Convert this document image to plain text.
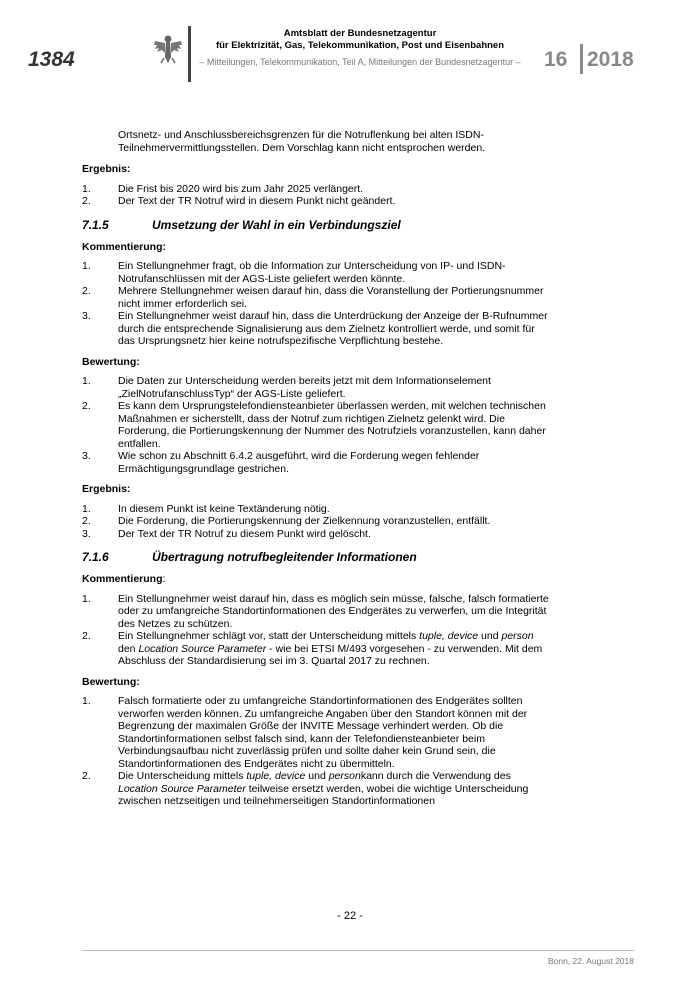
1384
Amtsblatt der Bundesnetzagentur
für Elektrizität, Gas, Telekommunikation, Post und Eisenbahnen
– Mitteilungen, Telekommunikation, Teil A, Mitteilungen der Bundesnetzagentur – 16 2018
Ortsnetz- und Anschlussbereichsgrenzen für die Notruflenkung bei alten ISDN-Teilnehmervermittlungsstellen. Dem Vorschlag kann nicht entsprochen werden.
Ergebnis:
1.	Die Frist bis 2020 wird bis zum Jahr 2025 verlängert.
2.	Der Text der TR Notruf wird in diesem Punkt nicht geändert.
7.1.5	Umsetzung der Wahl in ein Verbindungsziel
Kommentierung:
1.	Ein Stellungnehmer fragt, ob die Information zur Unterscheidung von IP- und ISDN-Notrufanschlüssen mit der AGS-Liste geliefert werden könnte.
2.	Mehrere Stellungnehmer weisen darauf hin, dass die Voranstellung der Portierungsnummer nicht immer erforderlich sei.
3.	Ein Stellungnehmer weist darauf hin, dass die Unterdrückung der Anzeige der B-Rufnummer durch die entsprechende Signalisierung aus dem Zielnetz kontrolliert werde, und somit für das Ursprungsnetz hier keine notrufspezifische Verpflichtung bestehe.
Bewertung:
1.	Die Daten zur Unterscheidung werden bereits jetzt mit dem Informationselement „ZielNotrufanschlussTyp“ der AGS-Liste geliefert.
2.	Es kann dem Ursprungstelefondiensteanbieter überlassen werden, mit welchen technischen Maßnahmen er sicherstellt, dass der Notruf zum richtigen Zielnetz gelenkt wird. Die Forderung, die Portierungskennung der Nummer des Notrufziels voranzustellen, kann daher entfallen.
3.	Wie schon zu Abschnitt 6.4.2 ausgeführt, wird die Forderung wegen fehlender Ermächtigungsgrundlage gestrichen.
Ergebnis:
1.	In diesem Punkt ist keine Textänderung nötig.
2.	Die Forderung, die Portierungskennung der Zielkennung voranzustellen, entfällt.
3.	Der Text der TR Notruf zu diesem Punkt wird gelöscht.
7.1.6	Übertragung notrufbegleitender Informationen
Kommentierung:
1.	Ein Stellungnehmer weist darauf hin, dass es möglich sein müsse, falsche, falsch formatierte oder zu umfangreiche Standortinformationen des Endgerätes zu verwerfen, um die Integrität des Netzes zu schützen.
2.	Ein Stellungnehmer schlägt vor, statt der Unterscheidung mittels tuple, device und person den Location Source Parameter - wie bei ETSI M/493 vorgesehen - zu verwenden. Mit dem Abschluss der Standardisierung sei im 3. Quartal 2017 zu rechnen.
Bewertung:
1.	Falsch formatierte oder zu umfangreiche Standortinformationen des Endgerätes sollten verworfen werden können. Zu umfangreiche Angaben über den Standort können mit der Begrenzung der maximalen Größe der INVITE Message verhindert werden. Ob die Standortinformationen selbst falsch sind, kann der Telefondiensteanbieter beim Verbindungsaufbau nicht zuverlässig prüfen und sollte daher kein Grund sein, die Standortinformationen des Endgerätes nicht zu übermitteln.
2.	Die Unterscheidung mittels tuple, device und personkann durch die Verwendung des Location Source Parameter teilweise ersetzt werden, wobei die wichtige Unterscheidung zwischen netzseitigen und teilnehmerseitigen Standortinformationen
- 22 -
Bonn, 22. August 2018
